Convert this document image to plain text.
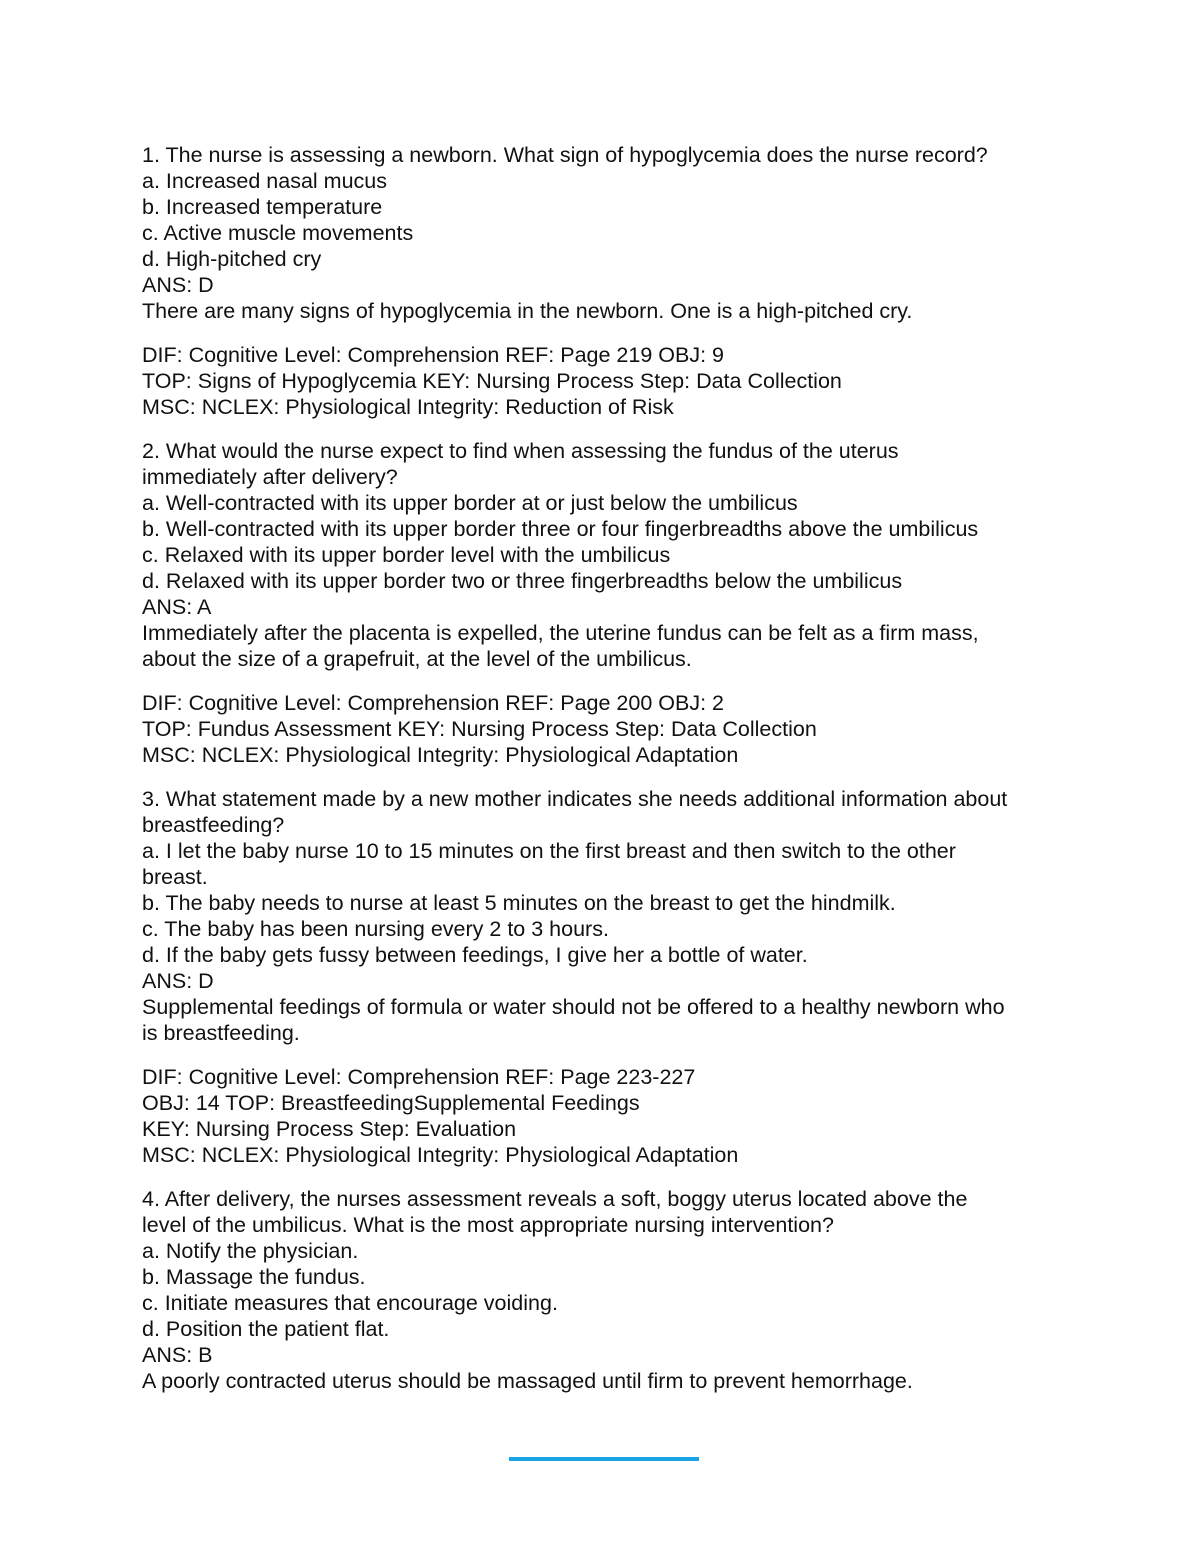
1. The nurse is assessing a newborn. What sign of hypoglycemia does the nurse record?

a. Increased nasal mucus

b. Increased temperature

c. Active muscle movements

d. High-pitched cry

ANS: D

There are many signs of hypoglycemia in the newborn. One is a high-pitched cry.

DIF: Cognitive Level: Comprehension REF: Page 219 OBJ: 9

TOP: Signs of Hypoglycemia KEY: Nursing Process Step: Data Collection

MSC: NCLEX: Physiological Integrity: Reduction of Risk

2. What would the nurse expect to find when assessing the fundus of the uterus

immediately after delivery?

a. Well-contracted with its upper border at or just below the umbilicus

b. Well-contracted with its upper border three or four fingerbreadths above the umbilicus

c. Relaxed with its upper border level with the umbilicus

d. Relaxed with its upper border two or three fingerbreadths below the umbilicus

ANS: A

Immediately after the placenta is expelled, the uterine fundus can be felt as a firm mass,

about the size of a grapefruit, at the level of the umbilicus.

DIF: Cognitive Level: Comprehension REF: Page 200 OBJ: 2

TOP: Fundus Assessment KEY: Nursing Process Step: Data Collection

MSC: NCLEX: Physiological Integrity: Physiological Adaptation

3. What statement made by a new mother indicates she needs additional information about

breastfeeding?

a. I let the baby nurse 10 to 15 minutes on the first breast and then switch to the other

breast.

b. The baby needs to nurse at least 5 minutes on the breast to get the hindmilk.

c. The baby has been nursing every 2 to 3 hours.

d. If the baby gets fussy between feedings, I give her a bottle of water.

ANS: D

Supplemental feedings of formula or water should not be offered to a healthy newborn who

is breastfeeding.

DIF: Cognitive Level: Comprehension REF: Page 223-227

OBJ: 14 TOP: BreastfeedingSupplemental Feedings

KEY: Nursing Process Step: Evaluation

MSC: NCLEX: Physiological Integrity: Physiological Adaptation

4. After delivery, the nurses assessment reveals a soft, boggy uterus located above the

level of the umbilicus. What is the most appropriate nursing intervention?

a. Notify the physician.

b. Massage the fundus.

c. Initiate measures that encourage voiding.

d. Position the patient flat.

ANS: B

A poorly contracted uterus should be massaged until firm to prevent hemorrhage.
